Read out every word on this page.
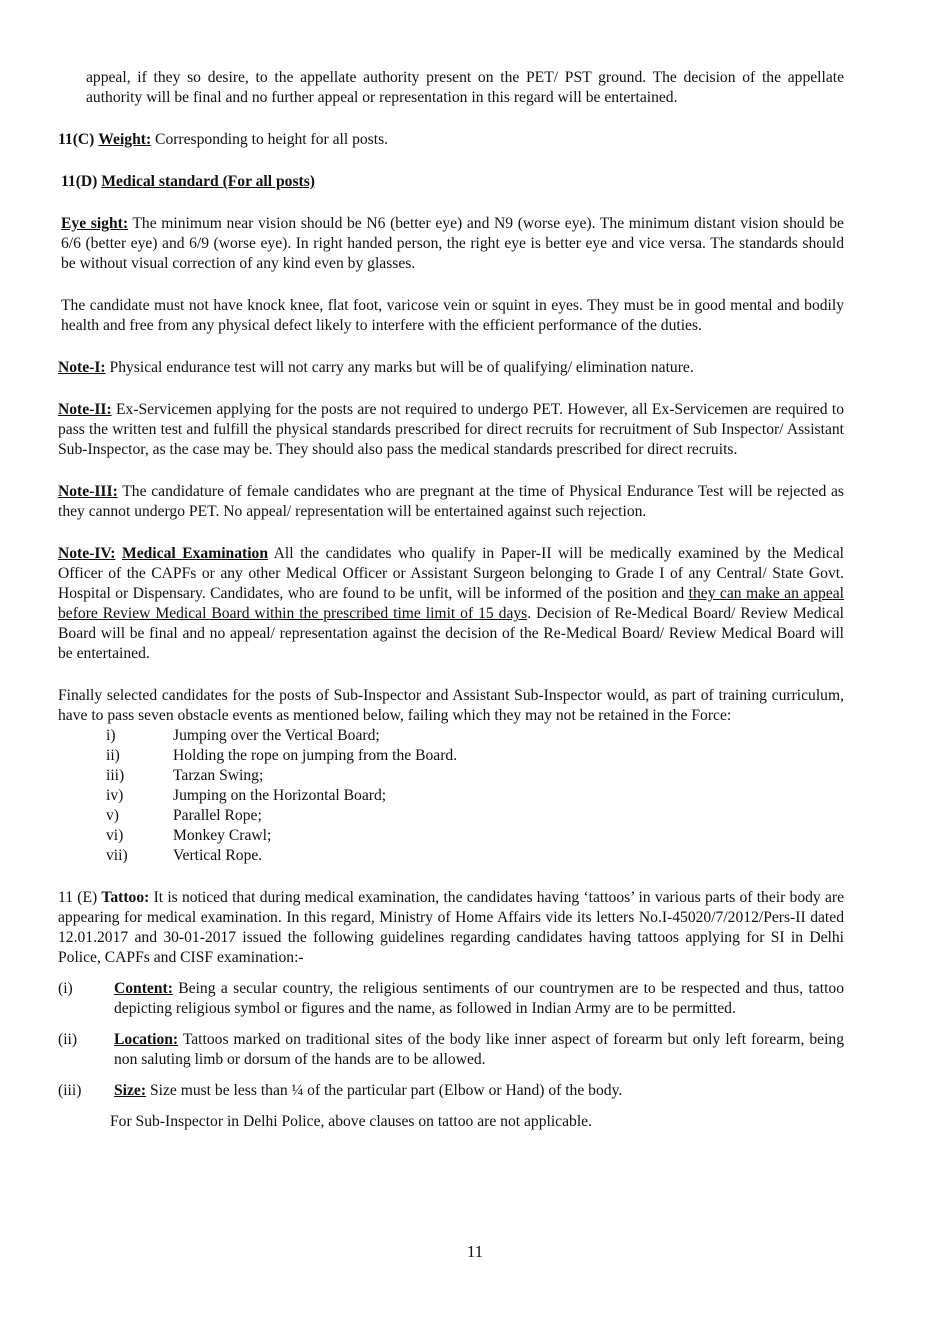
appeal, if they so desire, to the appellate authority present on the PET/ PST ground. The decision of the appellate authority will be final and no further appeal or representation in this regard will be entertained.

11(C) Weight: Corresponding to height for all posts.

11(D) Medical standard (For all posts)

Eye sight: The minimum near vision should be N6 (better eye) and N9 (worse eye). The minimum distant vision should be 6/6 (better eye) and 6/9 (worse eye). In right handed person, the right eye is better eye and vice versa. The standards should be without visual correction of any kind even by glasses.

The candidate must not have knock knee, flat foot, varicose vein or squint in eyes. They must be in good mental and bodily health and free from any physical defect likely to interfere with the efficient performance of the duties.

Note-I: Physical endurance test will not carry any marks but will be of qualifying/ elimination nature.

Note-II: Ex-Servicemen applying for the posts are not required to undergo PET. However, all Ex-Servicemen are required to pass the written test and fulfill the physical standards prescribed for direct recruits for recruitment of Sub Inspector/ Assistant Sub-Inspector, as the case may be. They should also pass the medical standards prescribed for direct recruits.

Note-III: The candidature of female candidates who are pregnant at the time of Physical Endurance Test will be rejected as they cannot undergo PET. No appeal/ representation will be entertained against such rejection.

Note-IV: Medical Examination All the candidates who qualify in Paper-II will be medically examined by the Medical Officer of the CAPFs or any other Medical Officer or Assistant Surgeon belonging to Grade I of any Central/ State Govt. Hospital or Dispensary. Candidates, who are found to be unfit, will be informed of the position and they can make an appeal before Review Medical Board within the prescribed time limit of 15 days. Decision of Re-Medical Board/ Review Medical Board will be final and no appeal/ representation against the decision of the Re-Medical Board/ Review Medical Board will be entertained.

Finally selected candidates for the posts of Sub-Inspector and Assistant Sub-Inspector would, as part of training curriculum, have to pass seven obstacle events as mentioned below, failing which they may not be retained in the Force:

i)	Jumping over the Vertical Board;
ii)	Holding the rope on jumping from the Board.
iii)	Tarzan Swing;
iv)	Jumping on the Horizontal Board;
v)	Parallel Rope;
vi)	Monkey Crawl;
vii)	Vertical Rope.

11 (E) Tattoo: It is noticed that during medical examination, the candidates having ‘tattoos’ in various parts of their body are appearing for medical examination. In this regard, Ministry of Home Affairs vide its letters No.I-45020/7/2012/Pers-II dated 12.01.2017 and 30-01-2017 issued the following guidelines regarding candidates having tattoos applying for SI in Delhi Police, CAPFs and CISF examination:-

(i)	Content: Being a secular country, the religious sentiments of our countrymen are to be respected and thus, tattoo depicting religious symbol or figures and the name, as followed in Indian Army are to be permitted.
(ii)	Location: Tattoos marked on traditional sites of the body like inner aspect of forearm but only left forearm, being non saluting limb or dorsum of the hands are to be allowed.
(iii)	Size: Size must be less than ¼ of the particular part (Elbow or Hand) of the body.

For Sub-Inspector in Delhi Police, above clauses on tattoo are not applicable.

11
